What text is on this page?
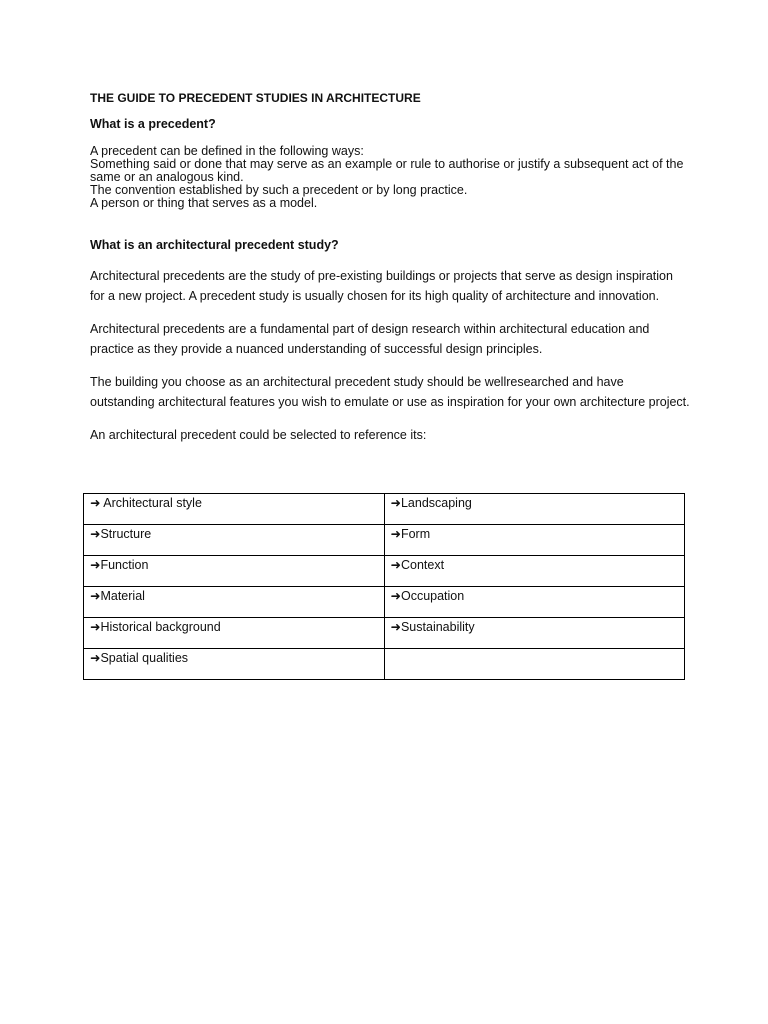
THE GUIDE TO PRECEDENT STUDIES IN ARCHITECTURE

What is a precedent?

A precedent can be defined in the following ways:
Something said or done that may serve as an example or rule to authorise or justify a subsequent act of the same or an analogous kind.
The convention established by such a precedent or by long practice.
A person or thing that serves as a model.

What is an architectural precedent study?

Architectural precedents are the study of pre-existing buildings or projects that serve as design inspiration for a new project. A precedent study is usually chosen for its high quality of architecture and innovation.

Architectural precedents are a fundamental part of design research within architectural education and practice as they provide a nuanced understanding of successful design principles.

The building you choose as an architectural precedent study should be wellresearched and have outstanding architectural features you wish to emulate or use as inspiration for your own architecture project.

An architectural precedent could be selected to reference its:

➜ Architectural style	➜Landscaping
➜Structure	➜Form
➜Function	➜Context
➜Material	➜Occupation
➜Historical background	➜Sustainability
➜Spatial qualities	
